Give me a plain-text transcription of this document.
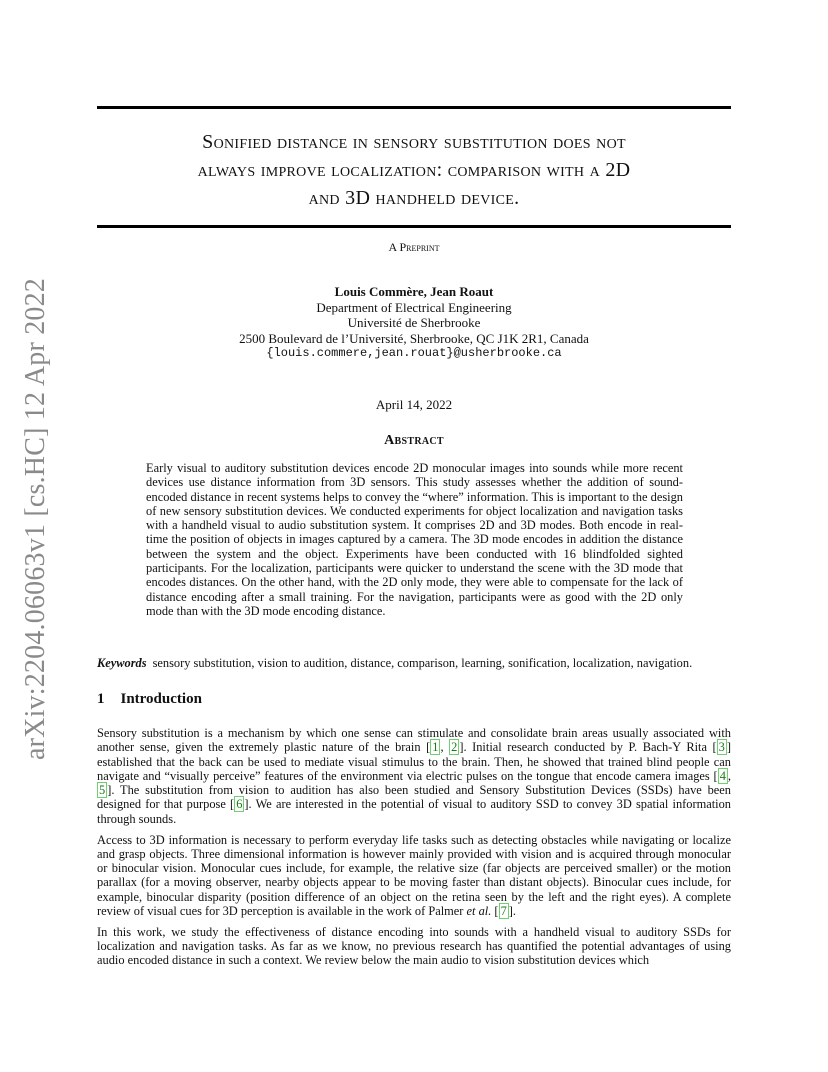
arXiv:2204.06063v1 [cs.HC] 12 Apr 2022
Sonified distance in sensory substitution does not
always improve localization: comparison with a 2D
and 3D handheld device.
A Preprint
Louis Commère, Jean Roaut
Department of Electrical Engineering
Université de Sherbrooke
2500 Boulevard de l’Université, Sherbrooke, QC J1K 2R1, Canada
{louis.commere,jean.rouat}@usherbrooke.ca
April 14, 2022
Abstract
Early visual to auditory substitution devices encode 2D monocular images into sounds while more recent devices use distance information from 3D sensors. This study assesses whether the addition of sound-encoded distance in recent systems helps to convey the “where” information. This is important to the design of new sensory substitution devices. We conducted experiments for object localization and navigation tasks with a handheld visual to audio substitution system. It comprises 2D and 3D modes. Both encode in real-time the position of objects in images captured by a camera. The 3D mode encodes in addition the distance between the system and the object. Experiments have been conducted with 16 blindfolded sighted participants. For the localization, participants were quicker to understand the scene with the 3D mode that encodes distances. On the other hand, with the 2D only mode, they were able to compensate for the lack of distance encoding after a small training. For the navigation, participants were as good with the 2D only mode than with the 3D mode encoding distance.
Keywords sensory substitution, vision to audition, distance, comparison, learning, sonification, localization, navigation.
1 Introduction

Sensory substitution is a mechanism by which one sense can stimulate and consolidate brain areas usually associated with another sense, given the extremely plastic nature of the brain [ 1 , 2 ]. Initial research conducted by P. Bach-Y Rita [ 3 ] established that the back can be used to mediate visual stimulus to the brain. Then, he showed that trained blind people can navigate and “visually perceive” features of the environment via electric pulses on the tongue that encode camera images [ 4 , 5 ]. The substitution from vision to audition has also been studied and Sensory Substitution Devices (SSDs) have been designed for that purpose [ 6 ]. We are interested in the potential of visual to auditory SSD to convey 3D spatial information through sounds.

Access to 3D information is necessary to perform everyday life tasks such as detecting obstacles while navigating or localize and grasp objects. Three dimensional information is however mainly provided with vision and is acquired through monocular or binocular vision. Monocular cues include, for example, the relative size (far objects are perceived smaller) or the motion parallax (for a moving observer, nearby objects appear to be moving faster than distant objects). Binocular cues include, for example, binocular disparity (position difference of an object on the retina seen by the left and the right eyes). A complete review of visual cues for 3D perception is available in the work of Palmer et al. [ 7 ].

In this work, we study the effectiveness of distance encoding into sounds with a handheld visual to auditory SSDs for localization and navigation tasks. As far as we know, no previous research has quantified the potential advantages of using audio encoded distance in such a context. We review below the main audio to vision substitution devices which
